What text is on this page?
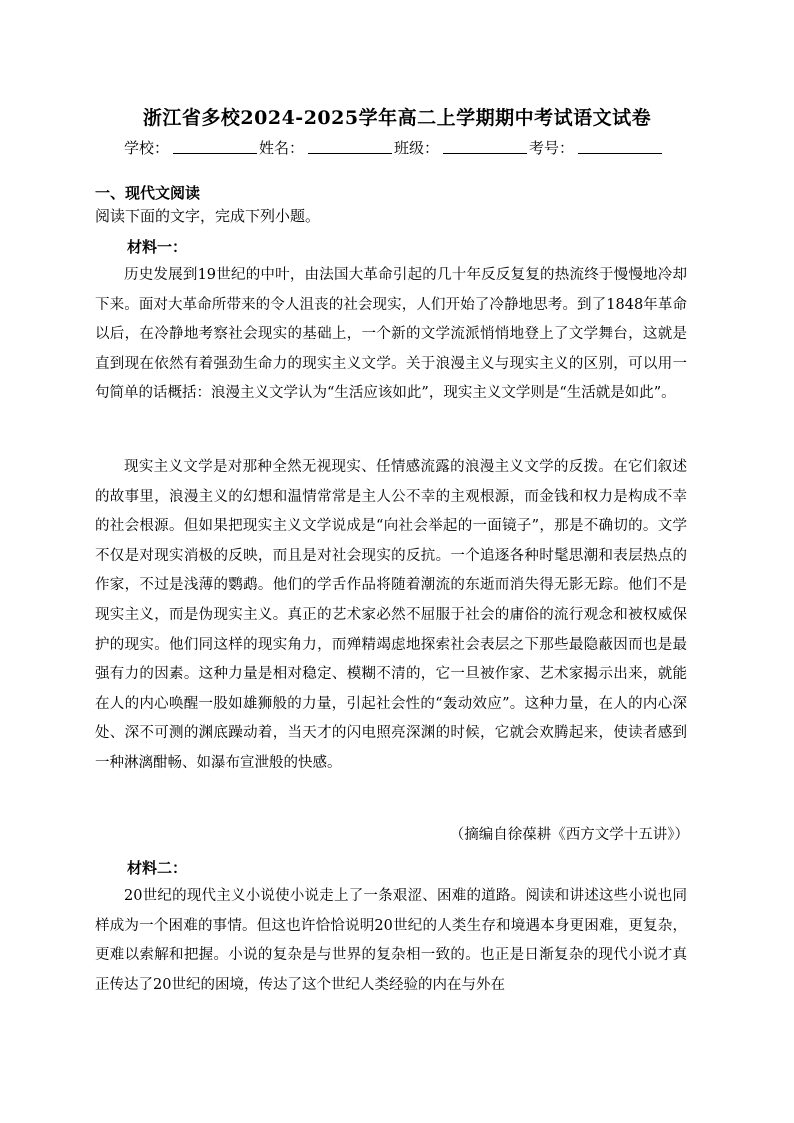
浙江省多校2024-2025学年高二上学期期中考试语文试卷
学校：	姓名：	班级：	考号：
一、现代文阅读
阅读下面的文字，完成下列小题。
材料一：

历史发展到19世纪的中叶，由法国大革命引起的几十年反反复复的热流终于慢慢地冷却下来。面对大革命所带来的令人沮丧的社会现实，人们开始了冷静地思考。到了1848年革命以后，在冷静地考察社会现实的基础上，一个新的文学流派悄悄地登上了文学舞台，这就是直到现在依然有着强劲生命力的现实主义文学。关于浪漫主义与现实主义的区别，可以用一句简单的话概括：浪漫主义文学认为“生活应该如此”，现实主义文学则是“生活就是如此”。

现实主义文学是对那种全然无视现实、任情感流露的浪漫主义文学的反拨。在它们叙述的故事里，浪漫主义的幻想和温情常常是主人公不幸的主观根源，而金钱和权力是构成不幸的社会根源。但如果把现实主义文学说成是“向社会举起的一面镜子”，那是不确切的。文学不仅是对现实消极的反映，而且是对社会现实的反抗。一个追逐各种时髦思潮和表层热点的作家，不过是浅薄的鹦鹉。他们的学舌作品将随着潮流的东逝而消失得无影无踪。他们不是现实主义，而是伪现实主义。真正的艺术家必然不屈服于社会的庸俗的流行观念和被权威保护的现实。他们同这样的现实角力，而殚精竭虑地探索社会表层之下那些最隐蔽因而也是最强有力的因素。这种力量是相对稳定、模糊不清的，它一旦被作家、艺术家揭示出来，就能在人的内心唤醒一股如雄狮般的力量，引起社会性的“轰动效应”。这种力量，在人的内心深处、深不可测的渊底躁动着，当天才的闪电照亮深渊的时候，它就会欢腾起来，使读者感到一种淋漓酣畅、如瀑布宣泄般的快感。

（摘编自徐葆耕《西方文学十五讲》）
材料二：

20世纪的现代主义小说使小说走上了一条艰涩、困难的道路。阅读和讲述这些小说也同样成为一个困难的事情。但这也许恰恰说明20世纪的人类生存和境遇本身更困难，更复杂，更难以索解和把握。小说的复杂是与世界的复杂相一致的。也正是日渐复杂的现代小说才真正传达了20世纪的困境，传达了这个世纪人类经验的内在与外在
